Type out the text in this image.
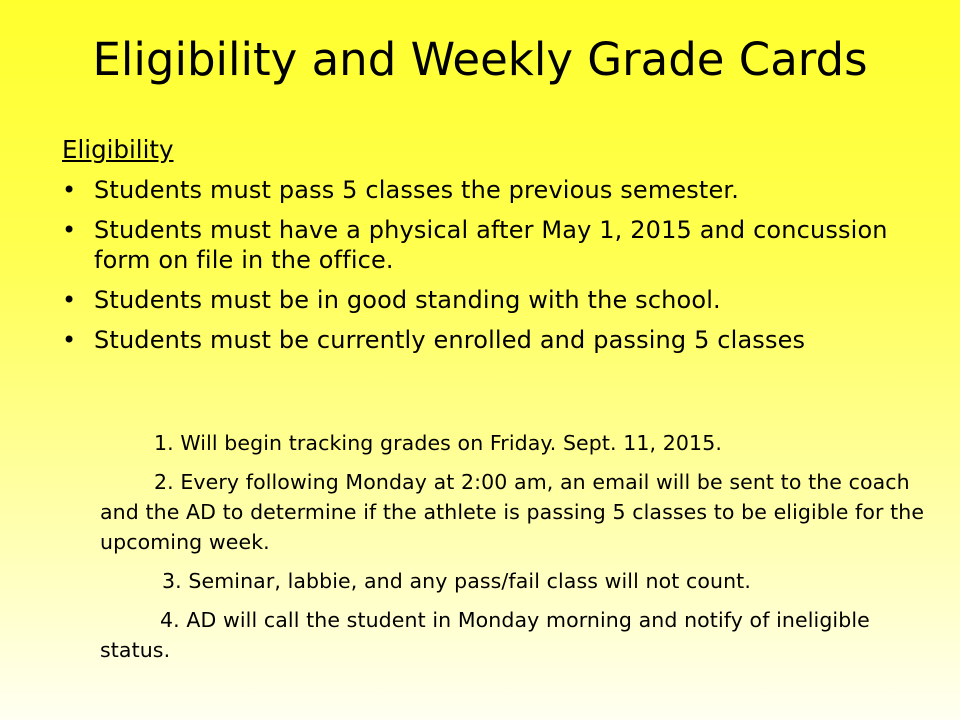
Eligibility and Weekly Grade Cards
Eligibility
• Students must pass 5 classes the previous semester.
• Students must have a physical after May 1, 2015 and concussion form on file in the office.
• Students must be in good standing with the school.
• Students must be currently enrolled and passing 5 classes

1. Will begin tracking grades on Friday. Sept. 11, 2015.

2. Every following Monday at 2:00 am, an email will be sent to the coach and the AD to determine if the athlete is passing 5 classes to be eligible for the upcoming week.

3. Seminar, labbie, and any pass/fail class will not count.

4. AD will call the student in Monday morning and notify of ineligible status.
